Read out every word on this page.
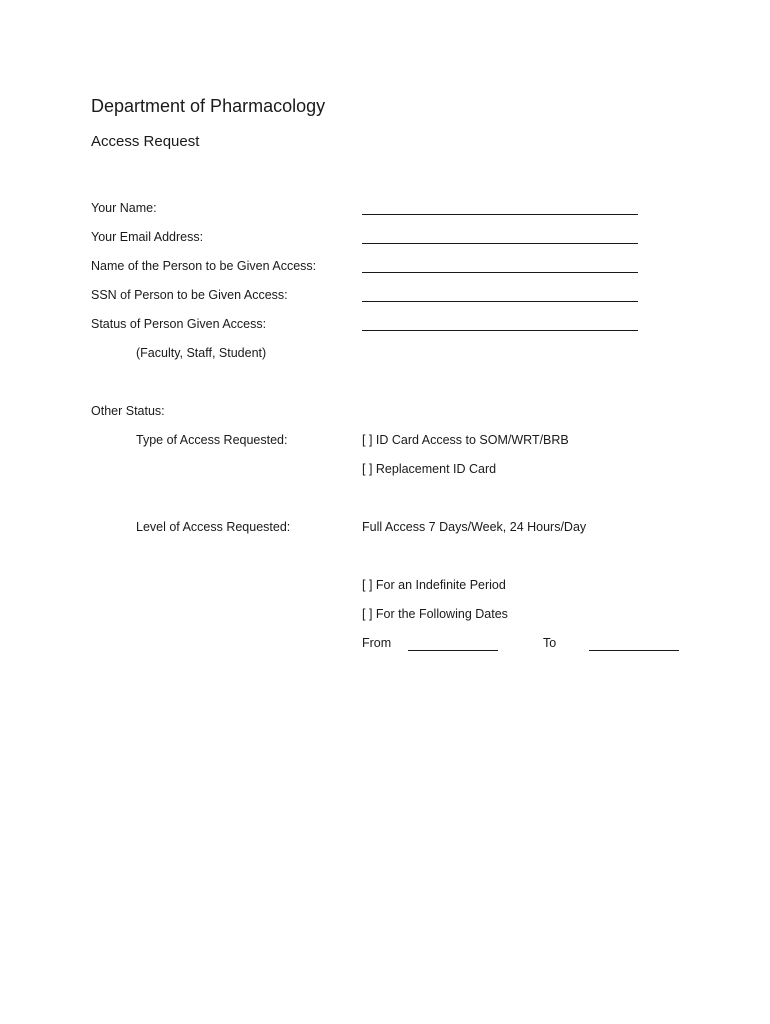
Department of Pharmacology
Access Request
Your Name:
Your Email Address:
Name of the Person to be Given Access:
SSN of Person to be Given Access:
Status of Person Given Access:
(Faculty, Staff, Student)
Other Status:
Type of Access Requested:	[ ] ID Card Access to SOM/WRT/BRB
[ ] Replacement ID Card
Level of Access Requested:	Full Access 7 Days/Week, 24 Hours/Day
[ ] For an Indefinite Period
[ ] For the Following Dates
From	To
